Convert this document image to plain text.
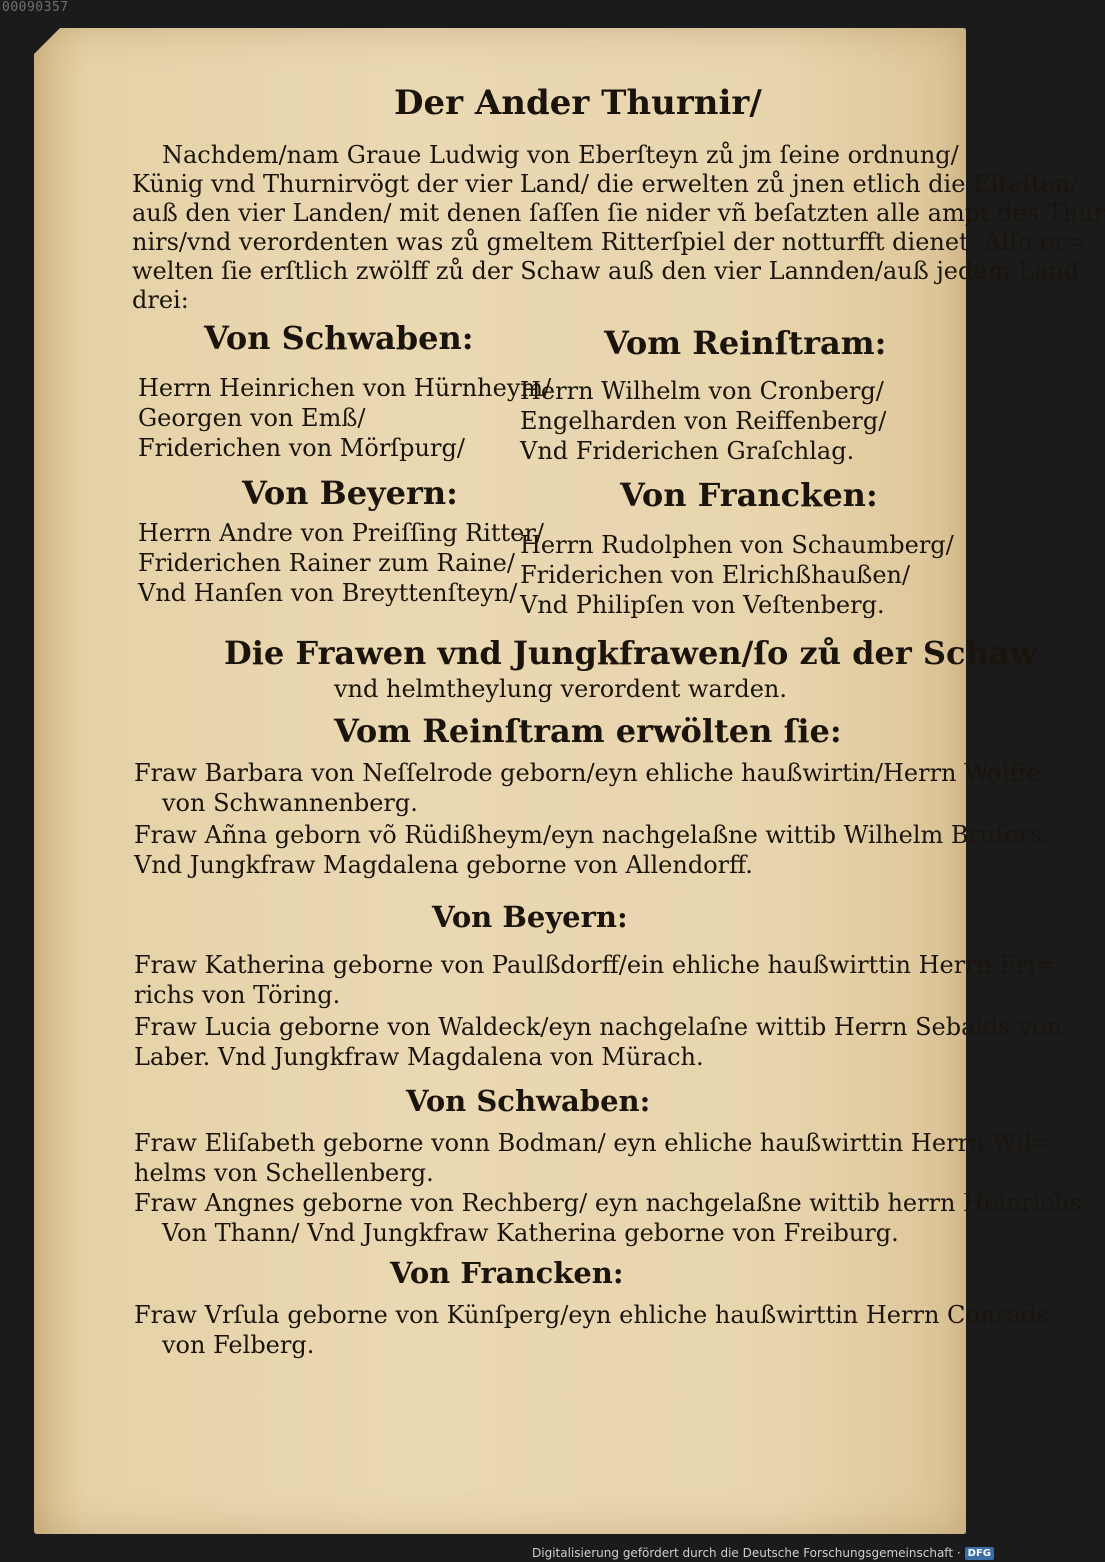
00090357
Der Ander Thurnir/
Nachdem/nam Graue Ludwig von Eberſteyn zů jm ſeine ordnung/
Künig vnd Thurnirvögt der vier Land/ die erwelten zů jnen etlich die Elteſten/
auß den vier Landen/ mit denen ſaſſen ſie nider vñ beſatzten alle ampt des Thur
nirs/vnd verordenten was zů gmeltem Ritterſpiel der notturfft dienet. Alſo er=
welten ſie erſtlich zwölff zů der Schaw auß den vier Lannden/auß jedem Land
drei:
Von Schwaben:	Vom Reinſtram:
Herrn Heinrichen von Hürnheym/
Georgen von Emß/
Friderichen von Mörſpurg/
Herrn Wilhelm von Cronberg/
Engelharden von Reiffenberg/
Vnd Friderichen Graſchlag.
Von Beyern:	Von Francken:
Herrn Andre von Preiſſing Ritter/
Friderichen Rainer zum Raine/
Vnd Hanſen von Breyttenſteyn/
Herrn Rudolphen von Schaumberg/
Friderichen von Elrichßhaußen/
Vnd Philipſen von Veſtenberg.
Die Frawen vnd Jungkfrawen/ſo zů der Schaw
vnd helmtheylung verordent warden.
Vom Reinſtram erwölten ſie:
Fraw Barbara von Neſſelrode geborn/eyn ehliche haußwirtin/Herrn Wolffe
von Schwannenberg.
Fraw Añna geborn võ Rüdißheym/eyn nachgelaßne wittib Wilhelm Brüſers.
Vnd Jungkfraw Magdalena geborne von Allendorff.
Von Beyern:
Fraw Katherina geborne von Paulßdorff/ein ehliche haußwirttin Herrn Fri=
richs von Töring.
Fraw Lucia geborne von Waldeck/eyn nachgelaſne wittib Herrn Sebalds von
Laber. Vnd Jungkfraw Magdalena von Mürach.
Von Schwaben:
Fraw Eliſabeth geborne vonn Bodman/ eyn ehliche haußwirttin Herrn Wil=
helms von Schellenberg.
Fraw Angnes geborne von Rechberg/ eyn nachgelaßne wittib herrn Heinrichs
Von Thann/ Vnd Jungkfraw Katherina geborne von Freiburg.
Von Francken:
Fraw Vrſula geborne von Künſperg/eyn ehliche haußwirttin Herrn Conrads
von Felberg.
Digitalisierung gefördert durch die Deutsche Forschungsgemeinschaft · DFG
